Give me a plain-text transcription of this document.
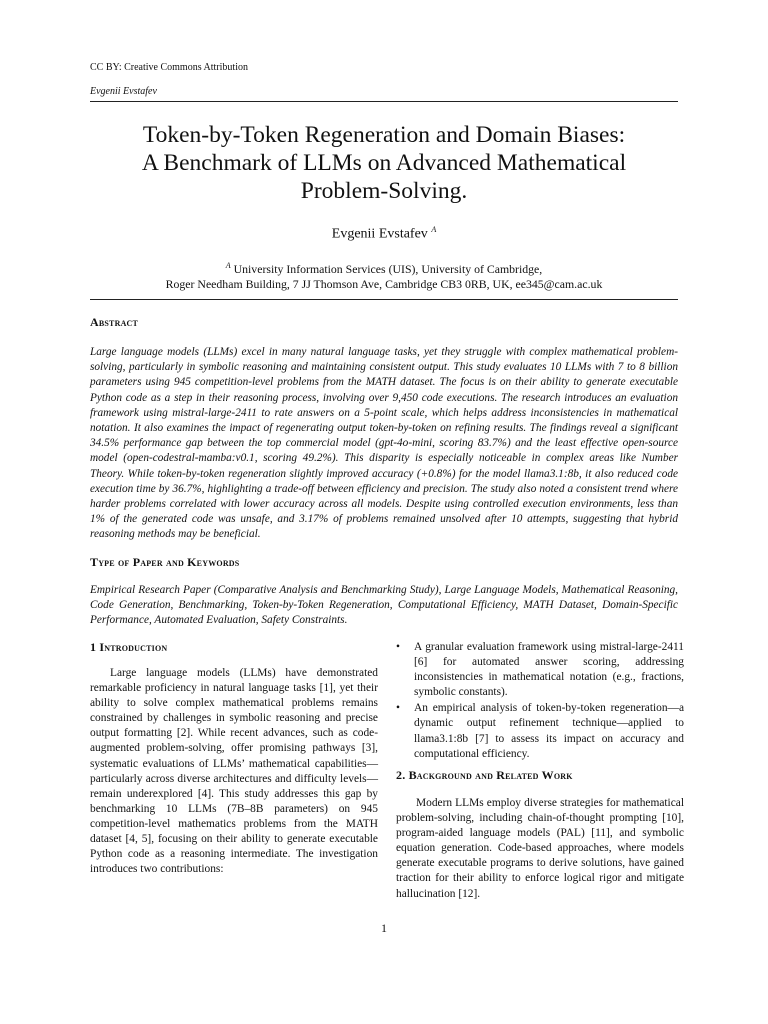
CC BY: Creative Commons Attribution
Evgenii Evstafev
Token-by-Token Regeneration and Domain Biases:
A Benchmark of LLMs on Advanced Mathematical
Problem-Solving.
Evgenii Evstafev $^A$
$^A$ University Information Services (UIS), University of Cambridge,
Roger Needham Building, 7 JJ Thomson Ave, Cambridge CB3 0RB, UK, ee345@cam.ac.uk
Abstract

Large language models (LLMs) excel in many natural language tasks, yet they struggle with complex mathematical problem-solving, particularly in symbolic reasoning and maintaining consistent output. This study evaluates 10 LLMs with 7 to 8 billion parameters using 945 competition-level problems from the MATH dataset. The focus is on their ability to generate executable Python code as a step in their reasoning process, involving over 9,450 code executions. The research introduces an evaluation framework using mistral-large-2411 to rate answers on a 5-point scale, which helps address inconsistencies in mathematical notation. It also examines the impact of regenerating output token-by-token on refining results. The findings reveal a significant 34.5% performance gap between the top commercial model (gpt-4o-mini, scoring 83.7%) and the least effective open-source model (open-codestral-mamba:v0.1, scoring 49.2%). This disparity is especially noticeable in complex areas like Number Theory. While token-by-token regeneration slightly improved accuracy (+0.8%) for the model llama3.1:8b, it also reduced code execution time by 36.7%, highlighting a trade-off between efficiency and precision. The study also noted a consistent trend where harder problems correlated with lower accuracy across all models. Despite using controlled execution environments, less than 1% of the generated code was unsafe, and 3.17% of problems remained unsolved after 10 attempts, suggesting that hybrid reasoning methods may be beneficial.

Type of Paper and Keywords

Empirical Research Paper (Comparative Analysis and Benchmarking Study), Large Language Models, Mathematical Reasoning, Code Generation, Benchmarking, Token-by-Token Regeneration, Computational Efficiency, MATH Dataset, Domain-Specific Performance, Automated Evaluation, Safety Constraints.

1 Introduction

Large language models (LLMs) have demonstrated remarkable proficiency in natural language tasks [1], yet their ability to solve complex mathematical problems remains constrained by challenges in symbolic reasoning and precise output formatting [2]. While recent advances, such as code-augmented problem-solving, offer promising pathways [3], systematic evaluations of LLMs’ mathematical capabilities—particularly across diverse architectures and difficulty levels—remain underexplored [4]. This study addresses this gap by benchmarking 10 LLMs (7B–8B parameters) on 945 competition-level mathematics problems from the MATH dataset [4, 5], focusing on their ability to generate executable Python code as a reasoning intermediate. The investigation introduces two contributions:

• A granular evaluation framework using mistral-large-2411 [6] for automated answer scoring, addressing inconsistencies in mathematical notation (e.g., fractions, symbolic constants).
• An empirical analysis of token-by-token regeneration—a dynamic output refinement technique—applied to llama3.1:8b [7] to assess its impact on accuracy and computational efficiency.
2. Background and Related Work

Modern LLMs employ diverse strategies for mathematical problem-solving, including chain-of-thought prompting [10], program-aided language models (PAL) [11], and symbolic equation generation. Code-based approaches, where models generate executable programs to derive solutions, have gained traction for their ability to enforce logical rigor and mitigate hallucination [12].

1
